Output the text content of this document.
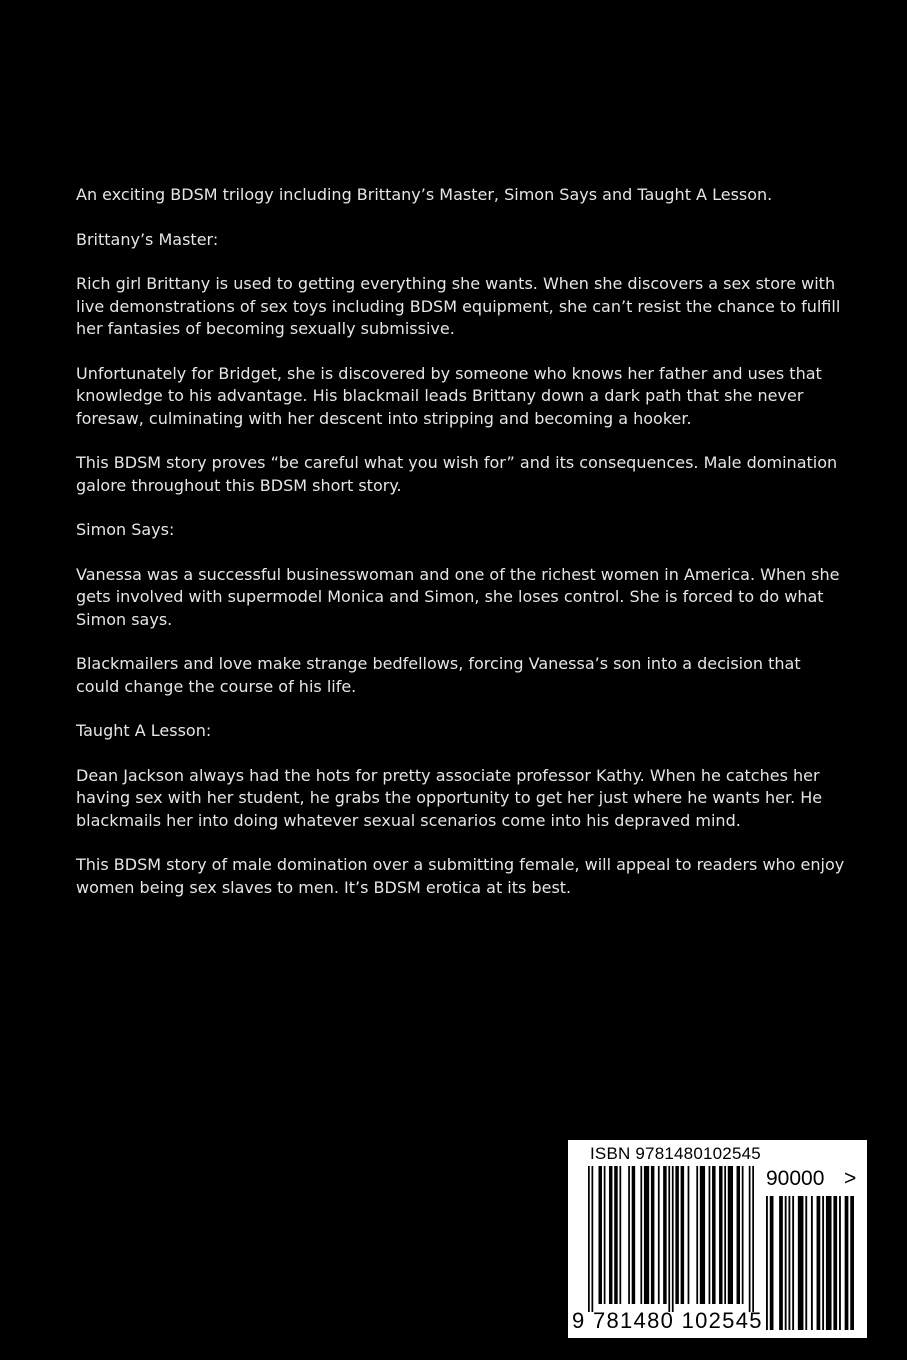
An exciting BDSM trilogy including Brittany’s Master, Simon Says and Taught A Lesson.

Brittany’s Master:

Rich girl Brittany is used to getting everything she wants. When she discovers a sex store with live demonstrations of sex toys including BDSM equipment, she can’t resist the chance to fulfill her fantasies of becoming sexually submissive.

Unfortunately for Bridget, she is discovered by someone who knows her father and uses that knowledge to his advantage. His blackmail leads Brittany down a dark path that she never foresaw, culminating with her descent into stripping and becoming a hooker.

This BDSM story proves “be careful what you wish for” and its consequences. Male domination galore throughout this BDSM short story.

Simon Says:

Vanessa was a successful businesswoman and one of the richest women in America. When she gets involved with supermodel Monica and Simon, she loses control. She is forced to do what Simon says.

Blackmailers and love make strange bedfellows, forcing Vanessa’s son into a decision that could change the course of his life.

Taught A Lesson:

Dean Jackson always had the hots for pretty associate professor Kathy. When he catches her having sex with her student, he grabs the opportunity to get her just where he wants her. He blackmails her into doing whatever sexual scenarios come into his depraved mind.

This BDSM story of male domination over a submitting female, will appeal to readers who enjoy women being sex slaves to men. It’s BDSM erotica at its best.

ISBN 9781480102545
90000 >
9 781480 102545
